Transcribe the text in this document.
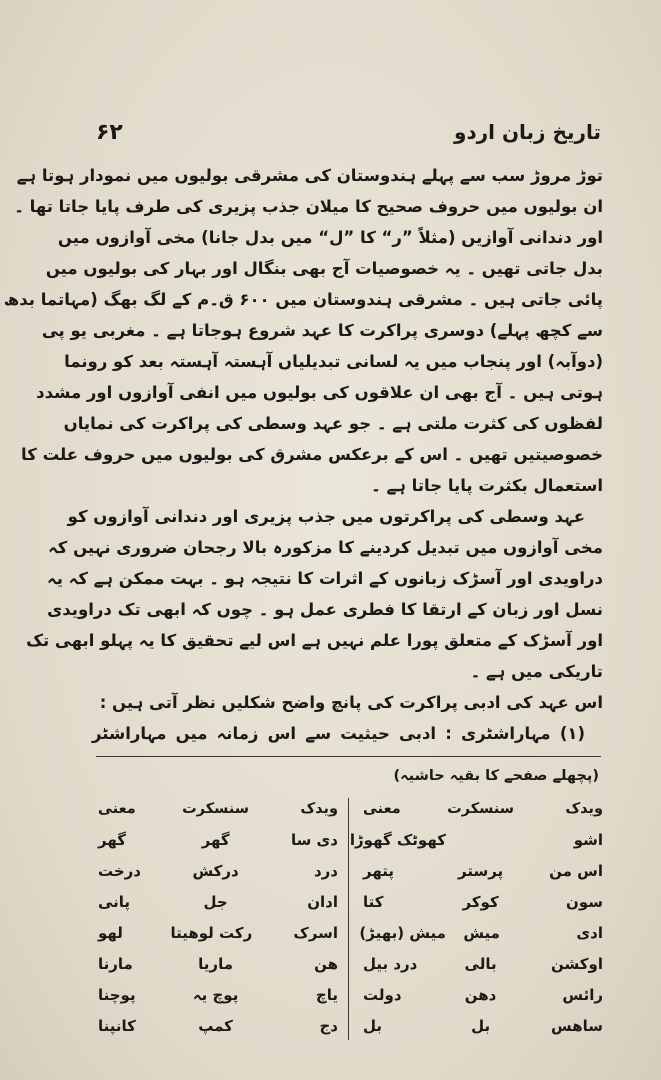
تاریخ زبان اردو
۶۲
توڑ مروڑ سب سے پہلے ہندوستان کی مشرقی بولیوں میں نمودار ہوتا ہے
ان بولیوں میں حروف صحیح کا میلان جذب پزیری کی طرف پایا جاتا تھا ۔
اور دندانی آوازیں (مثلاً ”ر“ کا ”ل“ میں بدل جانا) مخی آوازوں میں
بدل جاتی تھیں ۔ یہ خصوصیات آج بھی بنگال اور بہار کی بولیوں میں
پائی جاتی ہیں ۔ مشرقی ہندوستان میں ۶۰۰ ق۔م کے لگ بھگ (مہاتما بدھ
سے کچھ پہلے) دوسری پراکرت کا عہد شروع ہوجاتا ہے ۔ مغربی یو پی
(دوآبہ) اور پنجاب میں یہ لسانی تبدیلیاں آہستہ آہستہ بعد کو رونما
ہوتی ہیں ۔ آج بھی ان علاقوں کی بولیوں میں انفی آوازوں اور مشدد
لفظوں کی کثرت ملتی ہے ۔ جو عہد وسطی کی پراکرت کی نمایاں
خصوصیتیں تھیں ۔ اس کے برعکس مشرق کی بولیوں میں حروف علت کا
استعمال بکثرت پایا جاتا ہے ۔
عہد وسطی کی پراکرتوں میں جذب پزیری اور دندانی آوازوں کو
مخی آوازوں میں تبدیل کردینے کا مزکورہ بالا رجحان ضروری نہیں کہ
دراویدی اور آسڑک زبانوں کے اثرات کا نتیجہ ہو ۔ بہت ممکن ہے کہ یہ
نسل اور زبان کے ارتقا کا فطری عمل ہو ۔ چوں کہ ابھی تک دراویدی
اور آسڑک کے متعلق پورا علم نہیں ہے اس لیے تحقیق کا یہ پہلو ابھی تک
تاریکی میں ہے ۔
اس عہد کی ادبی پراکرت کی پانچ واضح شکلیں نظر آتی ہیں :
(۱) مہاراشٹری : ادبی حیثیت سے اس زمانہ میں مہاراشٹر
(پچھلے صفحے کا بقیہ حاشیہ)
ویدک
سنسکرت
معنی
اشو
کھوٹک گھوڑا
اس من
پرستر
پتھر
سون
کوکر
کتا
ادی
میش
میش (بھیڑ)
اوکشن
بالی
درد بیل
رائس
دھن
دولت
ساھس
بل
بل
ویدک
سنسکرت
معنی
دی سا
گھر
گھر
درد
درکش
درخت
ادان
جل
پانی
اسرک
رکت لوھیتا
لھو
ھن
ماریا
مارنا
یاچ
پوچ یہ
پوچنا
دج
کمپ
کانپنا
